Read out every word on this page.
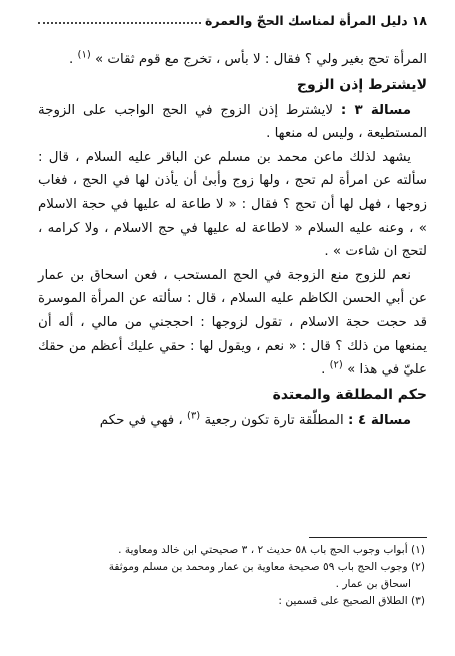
١٨
دليل المرأة لمناسك الحجّ والعمرة

المرأة تحج بغير ولي ؟ فقال : لا بأس ، تخرج مع قوم ثقات » $^{(١)}$ .

لايشترط إذن الزوج

مسالة ٣ : لايشترط إذن الزوج في الحج الواجب على الزوجة المستطيعة ، وليس له منعها .

يشهد لذلك ماعن محمد بن مسلم عن الباقر عليه السلام ، قال : سألته عن امرأة لم تحج ، ولها زوج وأبىٰ أن يأذن لها في الحج ، فغاب زوجها ، فهل لها أن تحج ؟ فقال : « لا طاعة له عليها في حجة الاسلام » ، وعنه عليه السلام « لاطاعة له عليها في حج الاسلام ، ولا كرامه ، لتحج ان شاءت » .

نعم للزوج منع الزوجة في الحج المستحب ، فعن اسحاق بن عمار عن أبي الحسن الكاظم عليه السلام ، قال : سألته عن المرأة الموسرة قد حجت حجة الاسلام ، تقول لزوجها : احججني من مالي ، أله أن يمنعها من ذلك ؟ قال : « نعم ، ويقول لها : حقي عليك أعظم من حقك عليّ في هذا » $^{(٢)}$ .

حكم المطلقة والمعتدة

مسالة ٤ : المطلّقة تارة تكون رجعية $^{(٣)}$ ، فهي في حكم

(١) أبواب وجوب الحج باب ٥٨ حديث ٢ ، ٣ صحيحتي ابن خالد ومعاوية .

(٢) وجوب الحج باب ٥٩ صحيحة معاوية بن عمار ومحمد بن مسلم وموثقة

اسحاق بن عمار .

(٣) الطلاق الصحيح على قسمين :
